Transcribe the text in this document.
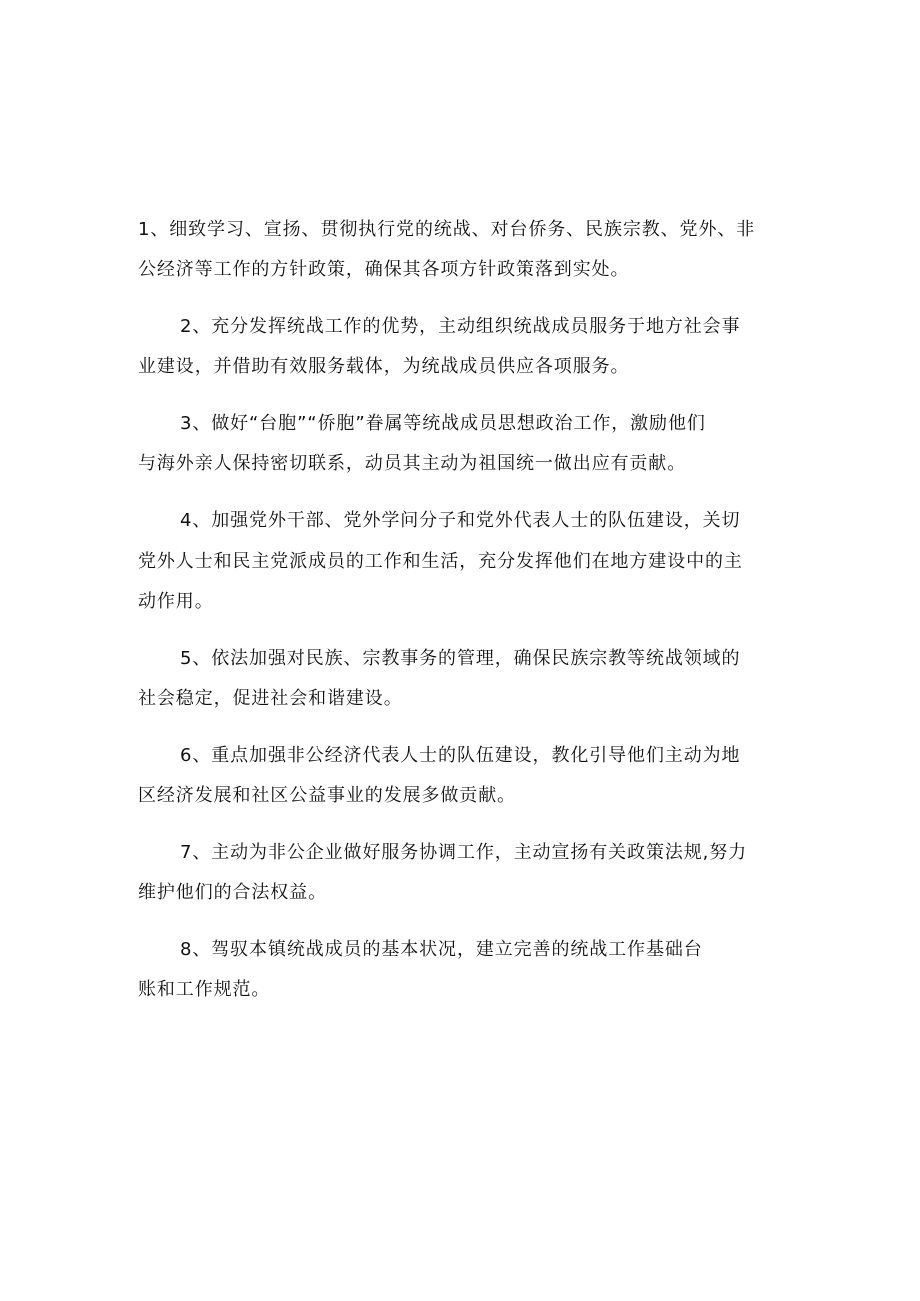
1、细致学习、宣扬、贯彻执行党的统战、对台侨务、民族宗教、党外、非
公经济等工作的方针政策，确保其各项方针政策落到实处。

2、充分发挥统战工作的优势，主动组织统战成员服务于地方社会事
业建设，并借助有效服务载体，为统战成员供应各项服务。

3、做好“台胞”“侨胞”眷属等统战成员思想政治工作，激励他们
与海外亲人保持密切联系，动员其主动为祖国统一做出应有贡献。

4、加强党外干部、党外学问分子和党外代表人士的队伍建设，关切
党外人士和民主党派成员的工作和生活，充分发挥他们在地方建设中的主
动作用。

5、依法加强对民族、宗教事务的管理，确保民族宗教等统战领域的
社会稳定，促进社会和谐建设。

6、重点加强非公经济代表人士的队伍建设，教化引导他们主动为地
区经济发展和社区公益事业的发展多做贡献。

7、主动为非公企业做好服务协调工作，主动宣扬有关政策法规,努力
维护他们的合法权益。

8、驾驭本镇统战成员的基本状况，建立完善的统战工作基础台
账和工作规范。
